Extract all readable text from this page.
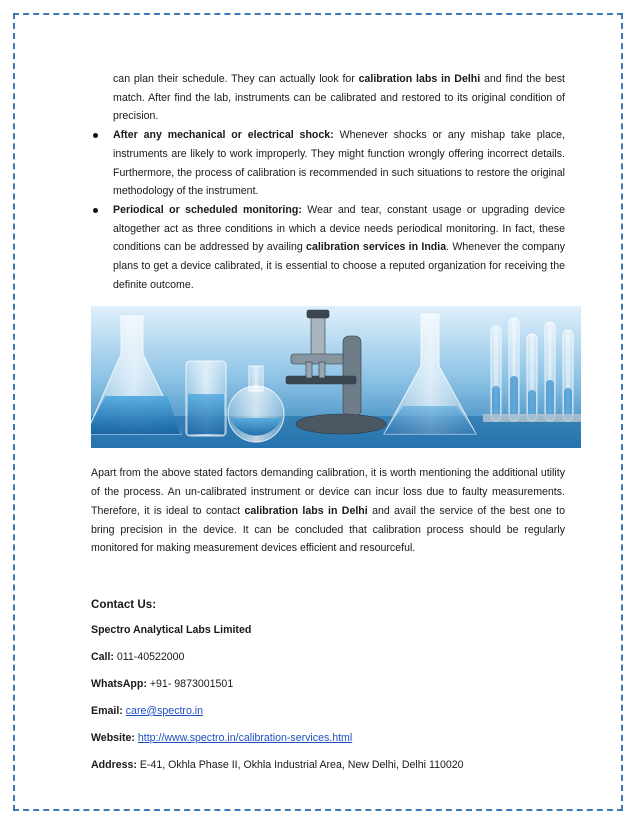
can plan their schedule. They can actually look for calibration labs in Delhi and find the best match. After find the lab, instruments can be calibrated and restored to its original condition of precision.

After any mechanical or electrical shock: Whenever shocks or any mishap take place, instruments are likely to work improperly. They might function wrongly offering incorrect details. Furthermore, the process of calibration is recommended in such situations to restore the original methodology of the instrument.
Periodical or scheduled monitoring: Wear and tear, constant usage or upgrading device altogether act as three conditions in which a device needs periodical monitoring. In fact, these conditions can be addressed by availing calibration services in India. Whenever the company plans to get a device calibrated, it is essential to choose a reputed organization for receiving the definite outcome.

Apart from the above stated factors demanding calibration, it is worth mentioning the additional utility of the process. An un-calibrated instrument or device can incur loss due to faulty measurements. Therefore, it is ideal to contact calibration labs in Delhi and avail the service of the best one to bring precision in the device. It can be concluded that calibration process should be regularly monitored for making measurement devices efficient and resourceful.

Contact Us:
Spectro Analytical Labs Limited
Call: 011-40522000
WhatsApp: +91- 9873001501
Email: care@spectro.in
Website: http://www.spectro.in/calibration-services.html
Address: E-41, Okhla Phase II, Okhla Industrial Area, New Delhi, Delhi 110020
